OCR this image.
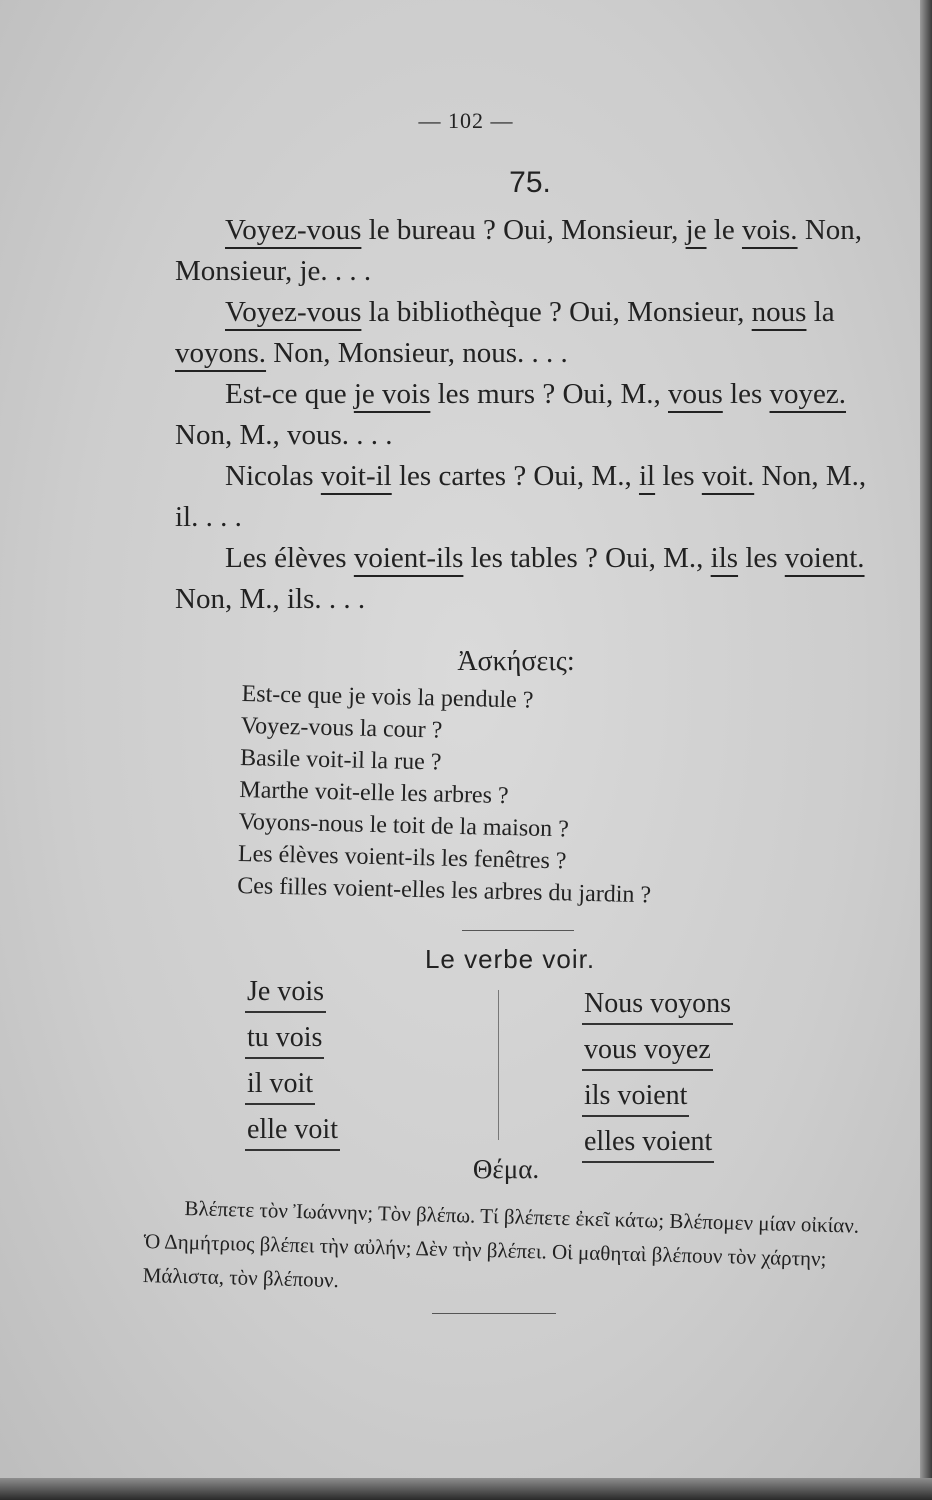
— 102 —
75.

Voyez-vous le bureau ? Oui, Monsieur, je le vois. Non, Monsieur, je. . . .

Voyez-vous la bibliothèque ? Oui, Monsieur, nous la voyons. Non, Monsieur, nous. . . .

Est-ce que je vois les murs ? Oui, M., vous les voyez. Non, M., vous. . . .

Nicolas voit-il les cartes ? Oui, M., il les voit. Non, M., il. . . .

Les élèves voient-ils les tables ? Oui, M., ils les voient. Non, M., ils. . . .

Ἀσκήσεις:
Est-ce que je vois la pendule ?
Voyez-vous la cour ?
Basile voit-il la rue ?
Marthe voit-elle les arbres ?
Voyons-nous le toit de la maison ?
Les élèves voient-ils les fenêtres ?
Ces filles voient-elles les arbres du jardin ?
Le verbe voir.
Je vois
tu vois
il voit
elle voit
Nous voyons
vous voyez
ils voient
elles voient
Θέμα.

Βλέπετε τὸν Ἰωάννην; Τὸν βλέπω. Τί βλέπετε ἐκεῖ κάτω; Βλέπομεν μίαν οἰκίαν. Ὁ Δημήτριος βλέπει τὴν αὐλήν; Δὲν τὴν βλέπει. Οἱ μαθηταὶ βλέπουν τὸν χάρτην; Μάλιστα, τὸν βλέπουν.
